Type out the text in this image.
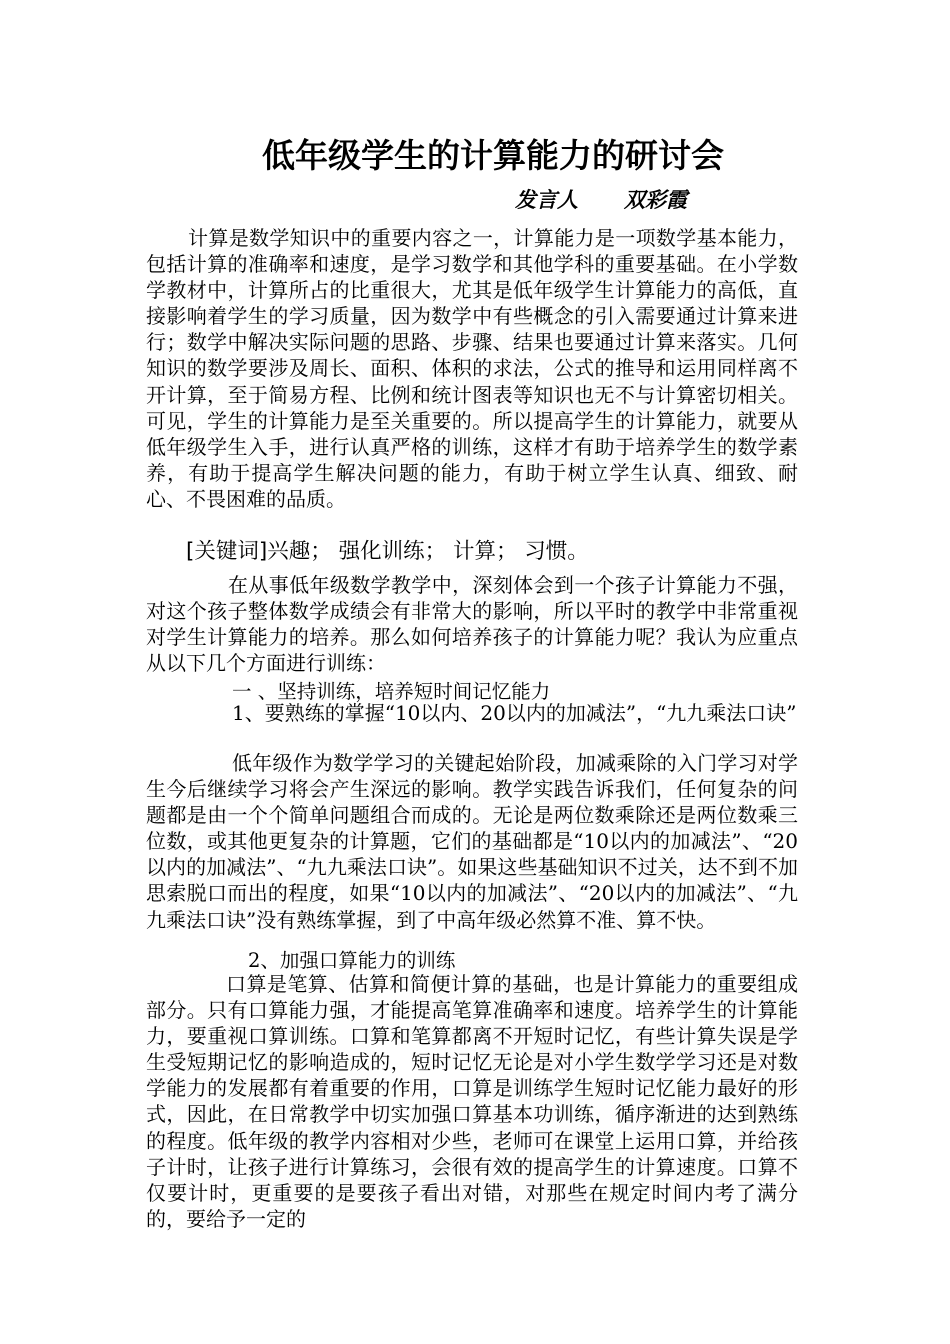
低年级学生的计算能力的研讨会
发言人 双彩霞

计算是数学知识中的重要内容之一，计算能力是一项数学基本能力，包括计算的准确率和速度，是学习数学和其他学科的重要基础。在小学数学教材中，计算所占的比重很大，尤其是低年级学生计算能力的高低，直接影响着学生的学习质量，因为数学中有些概念的引入需要通过计算来进行；数学中解决实际问题的思路、步骤、结果也要通过计算来落实。几何知识的数学要涉及周长、面积、体积的求法，公式的推导和运用同样离不开计算，至于简易方程、比例和统计图表等知识也无不与计算密切相关。可见，学生的计算能力是至关重要的。所以提高学生的计算能力，就要从低年级学生入手，进行认真严格的训练，这样才有助于培养学生的数学素养，有助于提高学生解决问题的能力，有助于树立学生认真、细致、耐心、不畏困难的品质。

[关键词]兴趣； 强化训练； 计算； 习惯。

在从事低年级数学教学中，深刻体会到一个孩子计算能力不强，对这个孩子整体数学成绩会有非常大的影响，所以平时的教学中非常重视对学生计算能力的培养。那么如何培养孩子的计算能力呢？我认为应重点从以下几个方面进行训练：

一 、坚持训练，培养短时间记忆能力

1、要熟练的掌握“10以内、20以内的加减法”，“九九乘法口诀”

低年级作为数学学习的关键起始阶段，加减乘除的入门学习对学生今后继续学习将会产生深远的影响。教学实践告诉我们，任何复杂的问题都是由一个个简单问题组合而成的。无论是两位数乘除还是两位数乘三位数，或其他更复杂的计算题，它们的基础都是“10以内的加减法”、“20以内的加减法”、“九九乘法口诀”。如果这些基础知识不过关，达不到不加思索脱口而出的程度，如果“10以内的加减法”、“20以内的加减法”、“九九乘法口诀”没有熟练掌握，到了中高年级必然算不准、算不快。

2、加强口算能力的训练

口算是笔算、估算和简便计算的基础，也是计算能力的重要组成部分。只有口算能力强，才能提高笔算准确率和速度。培养学生的计算能力，要重视口算训练。口算和笔算都离不开短时记忆，有些计算失误是学生受短期记忆的影响造成的，短时记忆无论是对小学生数学学习还是对数学能力的发展都有着重要的作用，口算是训练学生短时记忆能力最好的形式，因此，在日常教学中切实加强口算基本功训练，循序渐进的达到熟练的程度。低年级的教学内容相对少些，老师可在课堂上运用口算，并给孩子计时，让孩子进行计算练习，会很有效的提高学生的计算速度。口算不仅要计时，更重要的是要孩子看出对错，对那些在规定时间内考了满分的，要给予一定的
